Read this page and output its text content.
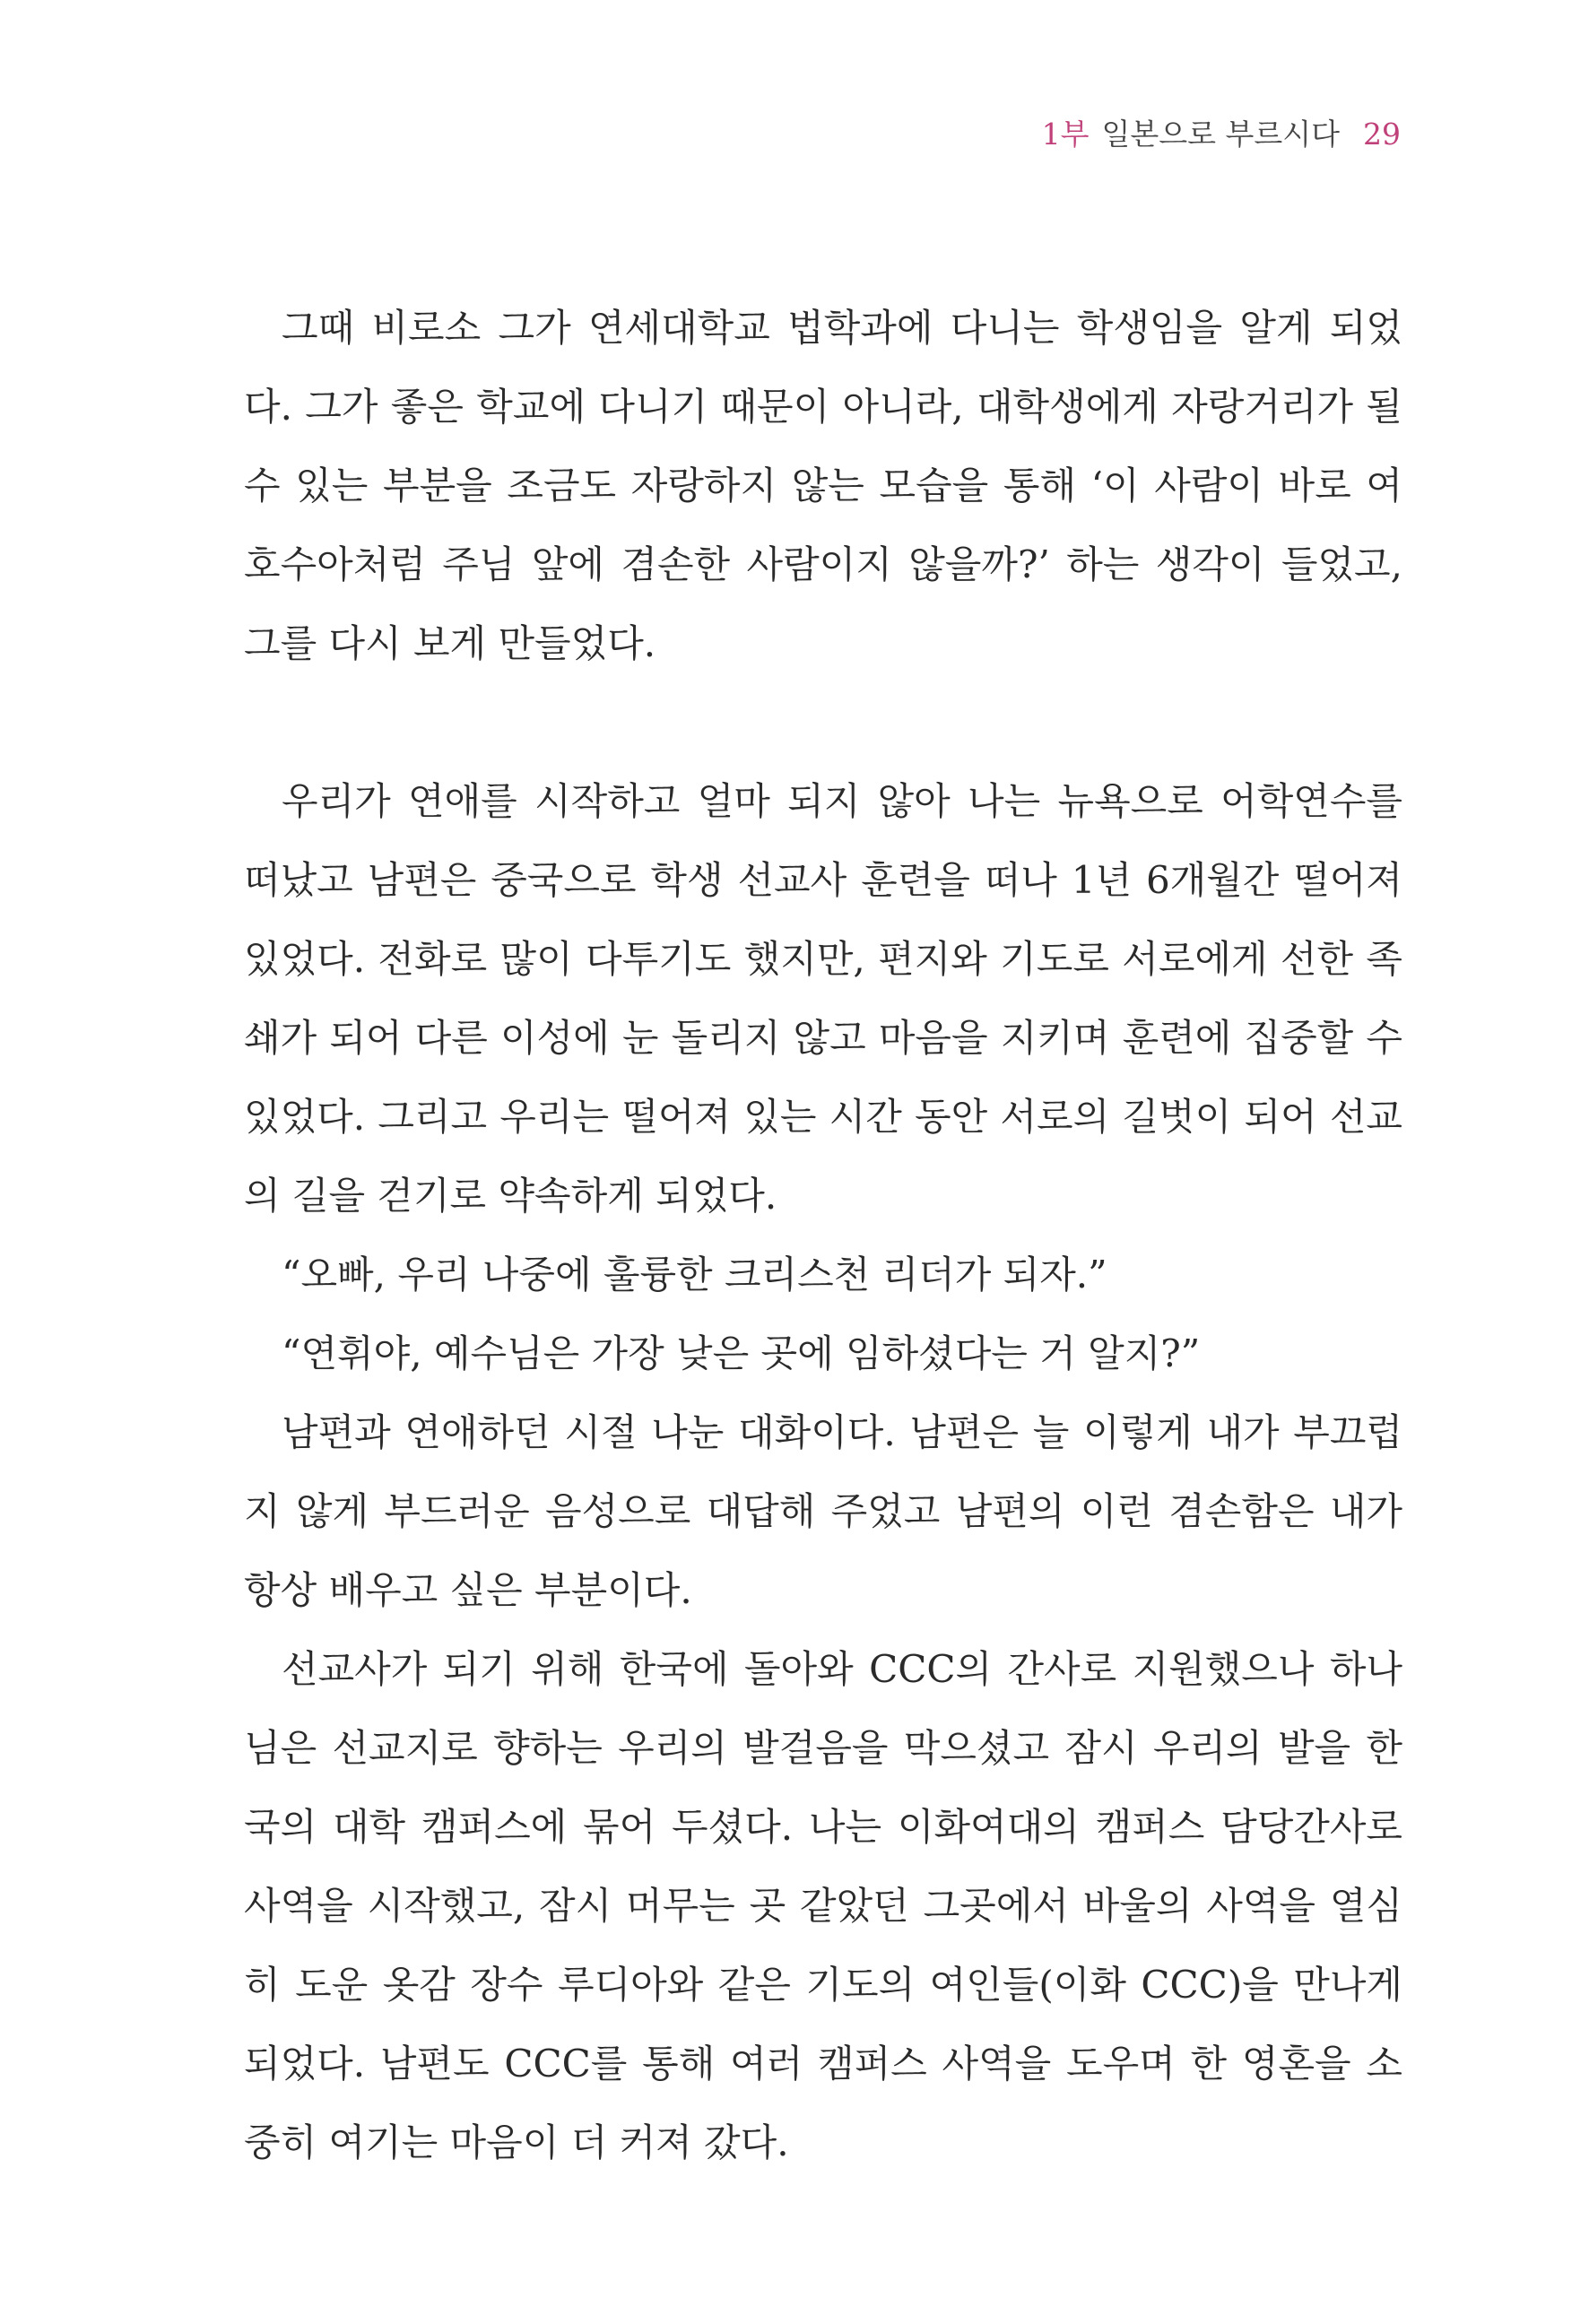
1부 일본으로 부르시다 29

그때 비로소 그가 연세대학교 법학과에 다니는 학생임을 알게 되었다. 그가 좋은 학교에 다니기 때문이 아니라, 대학생에게 자랑거리가 될 수 있는 부분을 조금도 자랑하지 않는 모습을 통해 ‘이 사람이 바로 여호수아처럼 주님 앞에 겸손한 사람이지 않을까?’ 하는 생각이 들었고, 그를 다시 보게 만들었다.

우리가 연애를 시작하고 얼마 되지 않아 나는 뉴욕으로 어학연수를 떠났고 남편은 중국으로 학생 선교사 훈련을 떠나 1년 6개월간 떨어져 있었다. 전화로 많이 다투기도 했지만, 편지와 기도로 서로에게 선한 족쇄가 되어 다른 이성에 눈 돌리지 않고 마음을 지키며 훈련에 집중할 수 있었다. 그리고 우리는 떨어져 있는 시간 동안 서로의 길벗이 되어 선교의 길을 걷기로 약속하게 되었다.

“오빠, 우리 나중에 훌륭한 크리스천 리더가 되자.”

“연휘야, 예수님은 가장 낮은 곳에 임하셨다는 거 알지?”

남편과 연애하던 시절 나눈 대화이다. 남편은 늘 이렇게 내가 부끄럽지 않게 부드러운 음성으로 대답해 주었고 남편의 이런 겸손함은 내가 항상 배우고 싶은 부분이다.

선교사가 되기 위해 한국에 돌아와 CCC의 간사로 지원했으나 하나님은 선교지로 향하는 우리의 발걸음을 막으셨고 잠시 우리의 발을 한국의 대학 캠퍼스에 묶어 두셨다. 나는 이화여대의 캠퍼스 담당간사로 사역을 시작했고, 잠시 머무는 곳 같았던 그곳에서 바울의 사역을 열심히 도운 옷감 장수 루디아와 같은 기도의 여인들(이화 CCC)을 만나게 되었다. 남편도 CCC를 통해 여러 캠퍼스 사역을 도우며 한 영혼을 소중히 여기는 마음이 더 커져 갔다.
